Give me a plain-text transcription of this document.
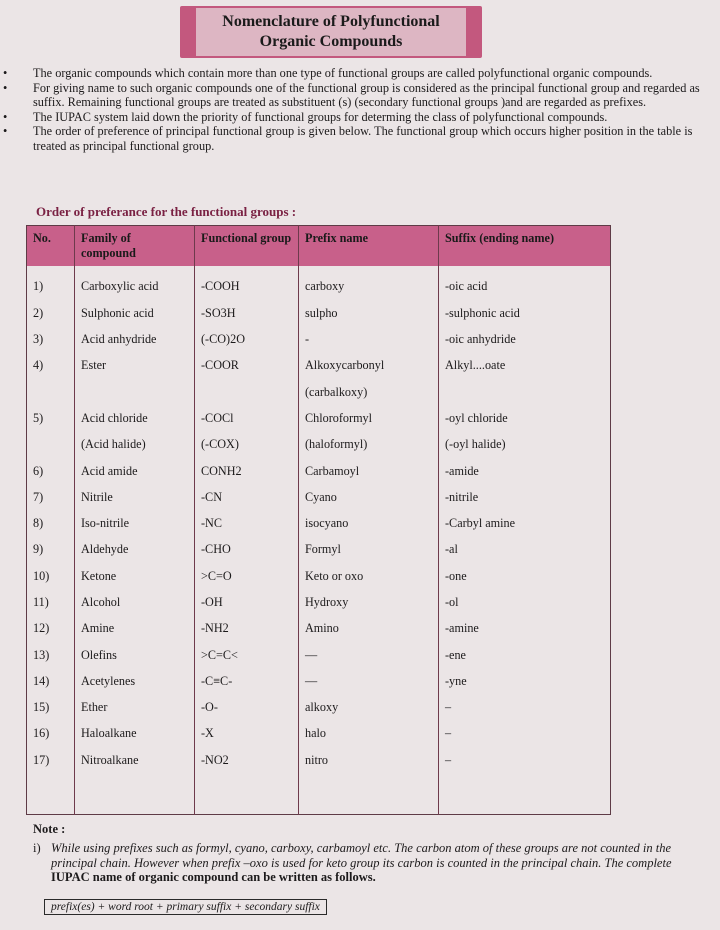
Nomenclature of Polyfunctional
Organic Compounds

• The organic compounds which contain more than one type of functional groups are called polyfunctional organic compounds.

• For giving name to such organic compounds one of the functional group is considered as the principal functional group and regarded as suffix. Remaining functional groups are treated as substituent (s) (secondary functional groups )and are regarded as prefixes.

• The IUPAC system laid down the priority of functional groups for determing the class of polyfunctional compounds.

• The order of preference of principal functional group is given below. The functional group which occurs higher position in the table is treated as principal functional group.

Order of preferance for the functional groups :
No.	Family of compound	Functional group	Prefix name	Suffix (ending name)
1)	Carboxylic acid	-COOH	carboxy	-oic acid
2)	Sulphonic acid	-SO3H	sulpho	-sulphonic acid
3)	Acid anhydride	(-CO)2O	-	-oic anhydride
4)	Ester	-COOR	Alkoxycarbonyl	Alkyl....oate
			(carbalkoxy)	
5)	Acid chloride	-COCl	Chloroformyl	-oyl chloride
	(Acid halide)	(-COX)	(haloformyl)	(-oyl halide)
6)	Acid amide	CONH2	Carbamoyl	-amide
7)	Nitrile	-CN	Cyano	-nitrile
8)	Iso-nitrile	-NC	isocyano	-Carbyl amine
9)	Aldehyde	-CHO	Formyl	-al
10)	Ketone	>C=O	Keto or oxo	-one
11)	Alcohol	-OH	Hydroxy	-ol
12)	Amine	-NH2	Amino	-amine
13)	Olefins	>C=C<	—	-ene
14)	Acetylenes	-C≡C-	—	-yne
15)	Ether	-O-	alkoxy	–
16)	Haloalkane	-X	halo	–
17)	Nitroalkane	-NO2	nitro	–

Note :
i) While using prefixes such as formyl, cyano, carboxy, carbamoyl etc. The carbon atom of these groups are not counted in the principal chain. However when prefix –oxo is used for keto group its carbon is counted in the principal chain. The complete IUPAC name of organic compound can be written as follows.
prefix(es) + word root + primary suffix + secondary suffix
